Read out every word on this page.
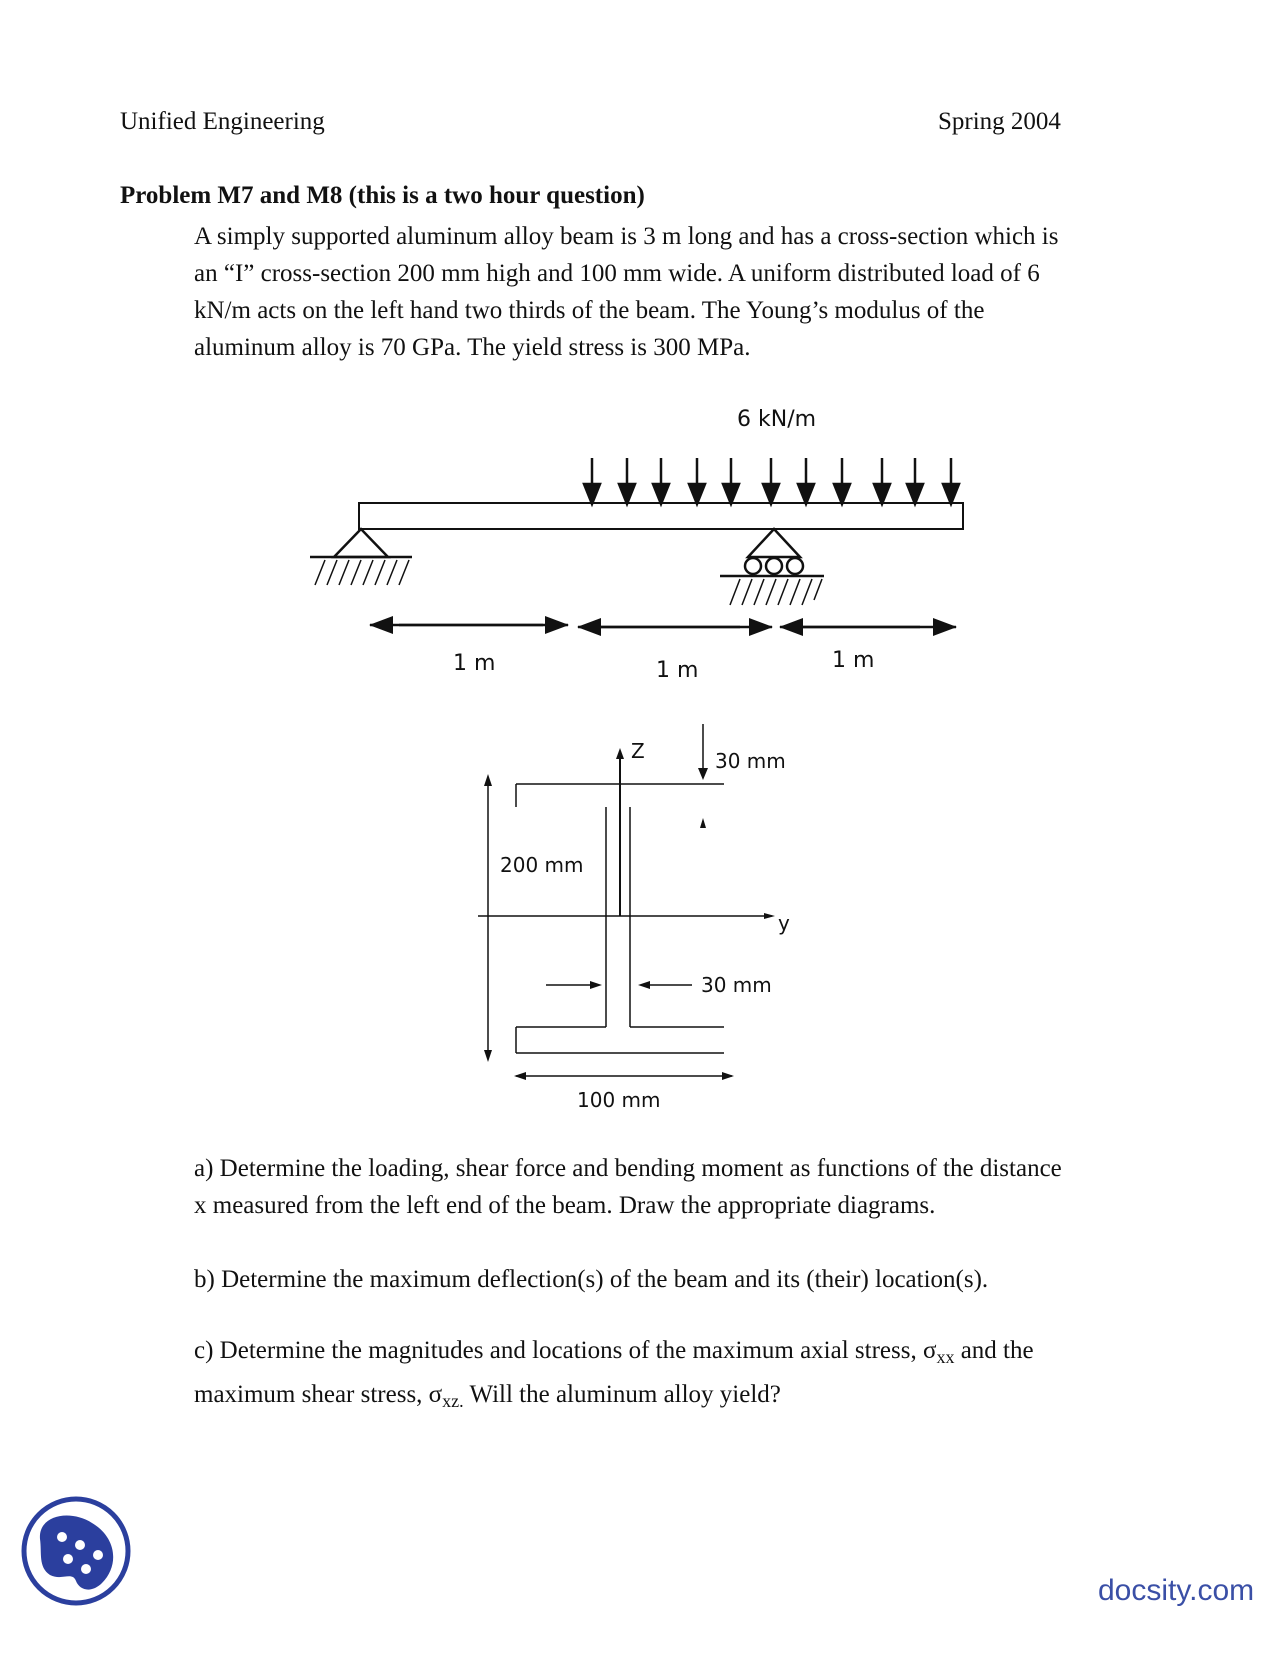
Unified Engineering	Spring 2004
Problem M7 and M8 (this is a two hour question)
A simply supported aluminum alloy beam is 3 m long and has a cross-section which is
an “I” cross-section 200 mm high and 100 mm wide. A uniform distributed load of 6
kN/m acts on the left hand two thirds of the beam. The Young’s modulus of the
aluminum alloy is 70 GPa. The yield stress is 300 MPa.
6 kN/m
1 m	1 m	1 m
Z
y
30 mm
200 mm
30 mm
100 mm
a) Determine the loading, shear force and bending moment as functions of the distance
x measured from the left end of the beam. Draw the appropriate diagrams.
b) Determine the maximum deflection(s) of the beam and its (their) location(s).
c) Determine the magnitudes and locations of the maximum axial stress, $\sigma_{xx}$ and the
maximum shear stress, $\sigma_{xz.}$ Will the aluminum alloy yield?
docsity.com
